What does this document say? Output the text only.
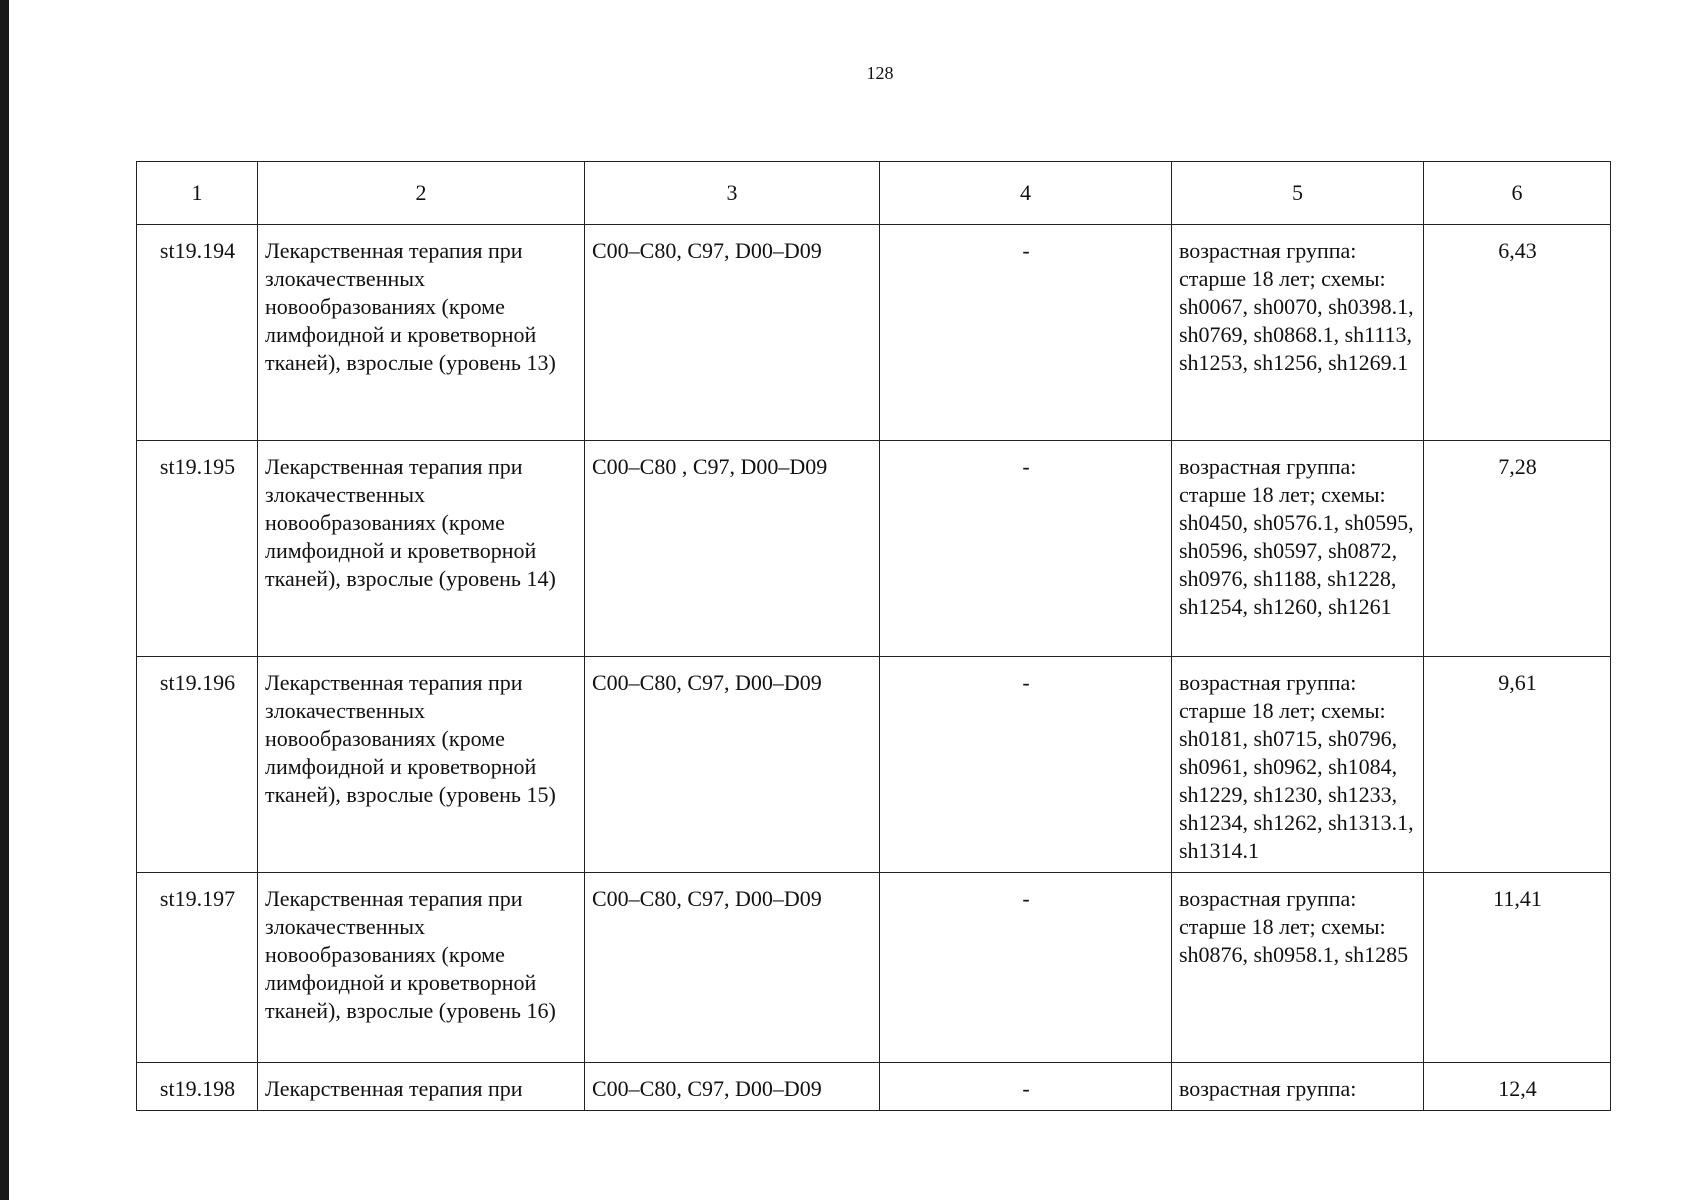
128
1	2	3	4	5	6
st19.194	Лекарственная терапия при злокачественных новообразованиях (кроме лимфоидной и кроветворной тканей), взрослые (уровень 13)	C00–C80, C97, D00–D09	-	возрастная группа: старше 18 лет; схемы: sh0067, sh0070, sh0398.1, sh0769, sh0868.1, sh1113, sh1253, sh1256, sh1269.1	6,43
st19.195	Лекарственная терапия при злокачественных новообразованиях (кроме лимфоидной и кроветворной тканей), взрослые (уровень 14)	C00–C80 , C97, D00–D09	-	возрастная группа: старше 18 лет; схемы: sh0450, sh0576.1, sh0595, sh0596, sh0597, sh0872, sh0976, sh1188, sh1228, sh1254, sh1260, sh1261	7,28
st19.196	Лекарственная терапия при злокачественных новообразованиях (кроме лимфоидной и кроветворной тканей), взрослые (уровень 15)	C00–C80, C97, D00–D09	-	возрастная группа: старше 18 лет; схемы: sh0181, sh0715, sh0796, sh0961, sh0962, sh1084, sh1229, sh1230, sh1233, sh1234, sh1262, sh1313.1, sh1314.1	9,61
st19.197	Лекарственная терапия при злокачественных новообразованиях (кроме лимфоидной и кроветворной тканей), взрослые (уровень 16)	C00–C80, C97, D00–D09	-	возрастная группа: старше 18 лет; схемы: sh0876, sh0958.1, sh1285	11,41
st19.198	Лекарственная терапия при	C00–C80, C97, D00–D09	-	возрастная группа:	12,4
